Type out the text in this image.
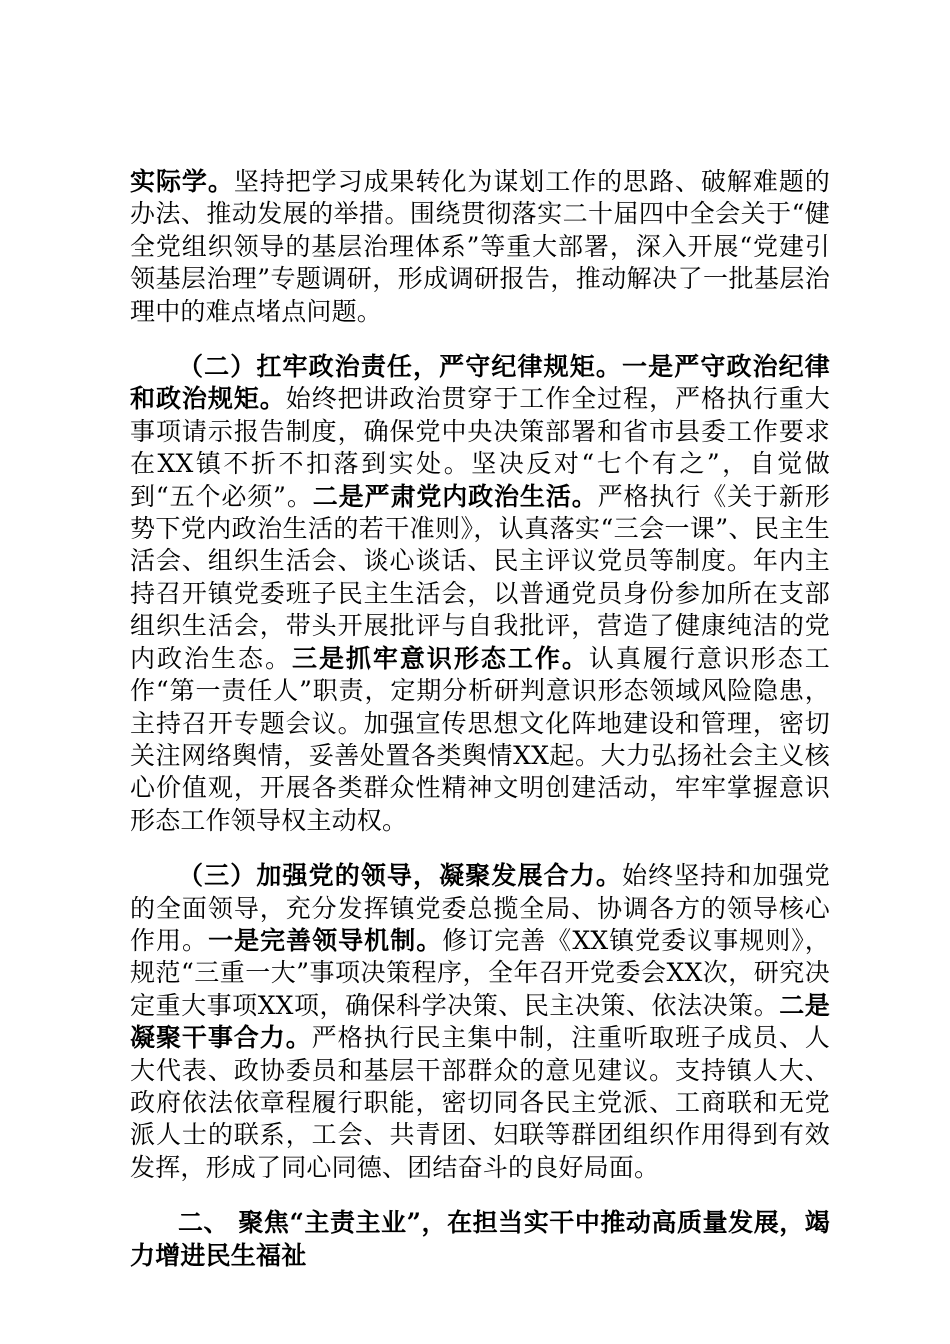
实际学。坚持把学习成果转化为谋划工作的思路、破解难题的办法、推动发展的举措。围绕贯彻落实二十届四中全会关于“健全党组织领导的基层治理体系”等重大部署，深入开展“党建引领基层治理”专题调研，形成调研报告，推动解决了一批基层治理中的难点堵点问题。

（二）扛牢政治责任，严守纪律规矩。一是严守政治纪律和政治规矩。始终把讲政治贯穿于工作全过程，严格执行重大事项请示报告制度，确保党中央决策部署和省市县委工作要求在XX镇不折不扣落到实处。坚决反对“七个有之”，自觉做到“五个必须”。二是严肃党内政治生活。严格执行《关于新形势下党内政治生活的若干准则》，认真落实“三会一课”、民主生活会、组织生活会、谈心谈话、民主评议党员等制度。年内主持召开镇党委班子民主生活会，以普通党员身份参加所在支部组织生活会，带头开展批评与自我批评，营造了健康纯洁的党内政治生态。三是抓牢意识形态工作。认真履行意识形态工作“第一责任人”职责，定期分析研判意识形态领域风险隐患，主持召开专题会议。加强宣传思想文化阵地建设和管理，密切关注网络舆情，妥善处置各类舆情XX起。大力弘扬社会主义核心价值观，开展各类群众性精神文明创建活动，牢牢掌握意识形态工作领导权主动权。

（三）加强党的领导，凝聚发展合力。始终坚持和加强党的全面领导，充分发挥镇党委总揽全局、协调各方的领导核心作用。一是完善领导机制。修订完善《XX镇党委议事规则》，规范“三重一大”事项决策程序，全年召开党委会XX次，研究决定重大事项XX项，确保科学决策、民主决策、依法决策。二是凝聚干事合力。严格执行民主集中制，注重听取班子成员、人大代表、政协委员和基层干部群众的意见建议。支持镇人大、政府依法依章程履行职能，密切同各民主党派、工商联和无党派人士的联系，工会、共青团、妇联等群团组织作用得到有效发挥，形成了同心同德、团结奋斗的良好局面。

二、 聚焦“主责主业”，在担当实干中推动高质量发展，竭力增进民生福祉
